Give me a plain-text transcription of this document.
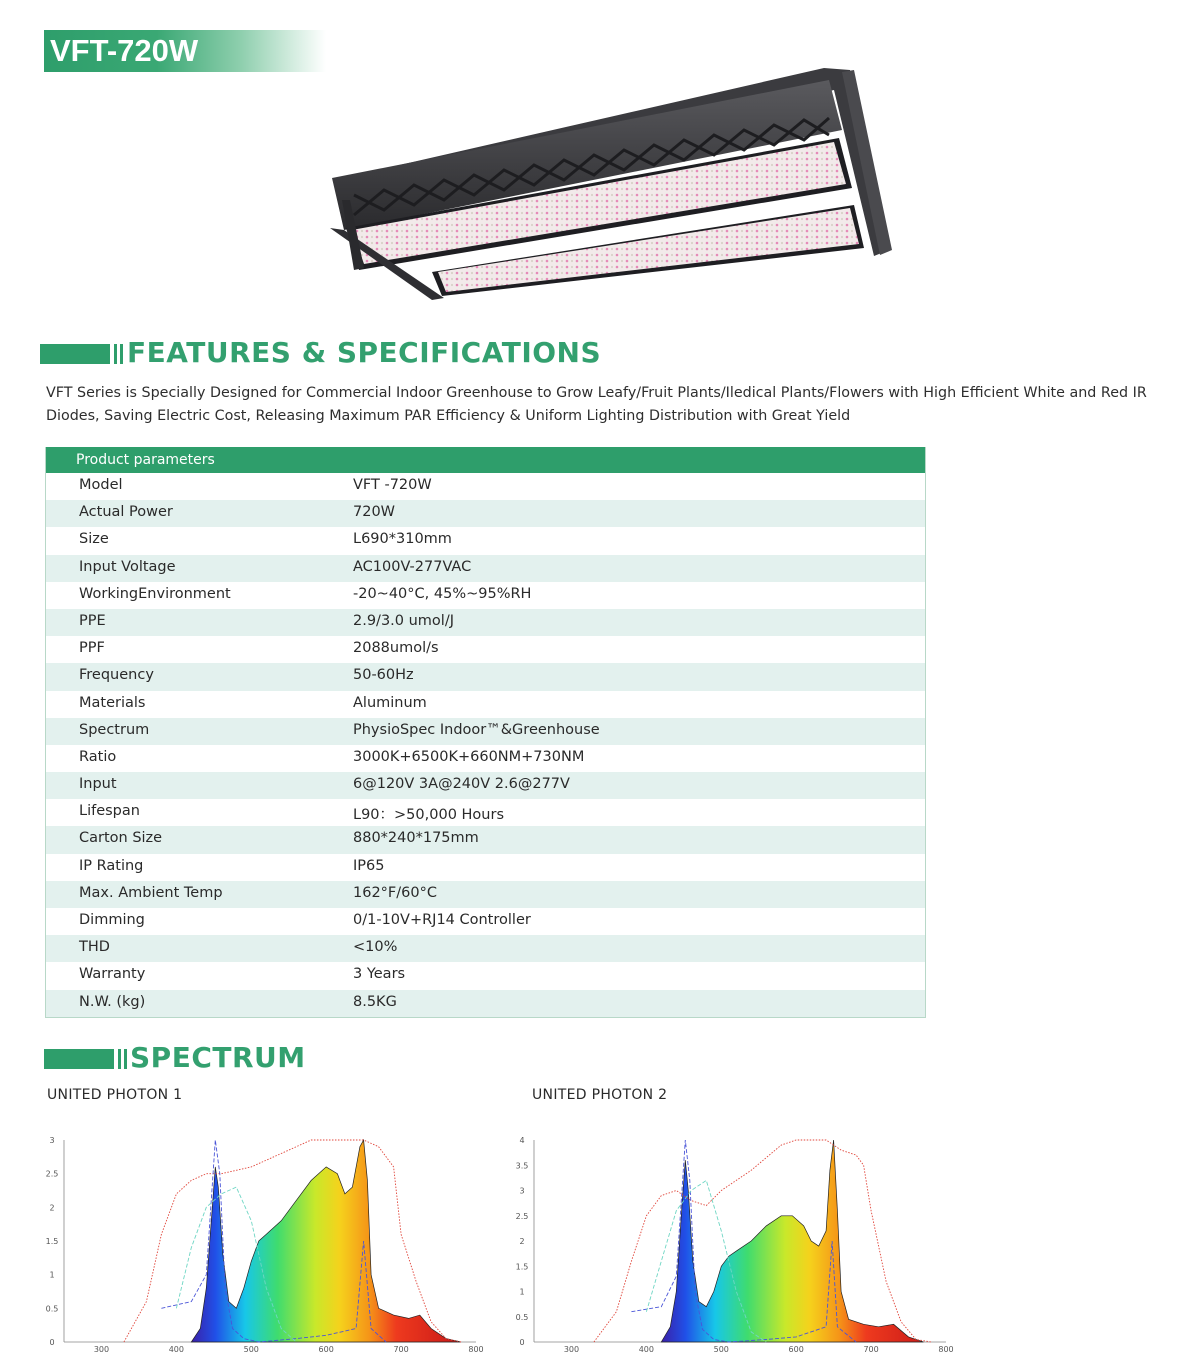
VFT-720W
FEATURES & SPECIFICATIONS

VFT Series is Specially Designed for Commercial Indoor Greenhouse to Grow Leafy/Fruit Plants/Iledical Plants/Flowers with High Efficient White and Red IR Diodes, Saving Electric Cost, Releasing Maximum PAR Efficiency & Uniform Lighting Distribution with Great Yield

Product parameters
Model	VFT -720W
Actual Power	720W
Size	L690*310mm
Input Voltage	AC100V-277VAC
WorkingEnvironment	-20~40°C, 45%~95%RH
PPE	2.9/3.0 umol/J
PPF	2088umol/s
Frequency	50-60Hz
Materials	Aluminum
Spectrum	PhysioSpec Indoor™&Greenhouse
Ratio	3000K+6500K+660NM+730NM
Input	6@120V 3A@240V 2.6@277V
Lifespan	L90：>50,000 Hours
Carton Size	880*240*175mm
IP Rating	IP65
Max. Ambient Temp	162°F/60°C
Dimming	0/1-10V+RJ14 Controller
THD	<10%
Warranty	3 Years
N.W. (kg)	8.5KG
SPECTRUM
UNITED PHOTON 1	UNITED PHOTON 2
0
0.5
1
1.5
2
2.5
3
300	400	500	600	700	800
0
0.5
1
1.5
2
2.5
3
3.5
4
300	400	500	600	700	800
